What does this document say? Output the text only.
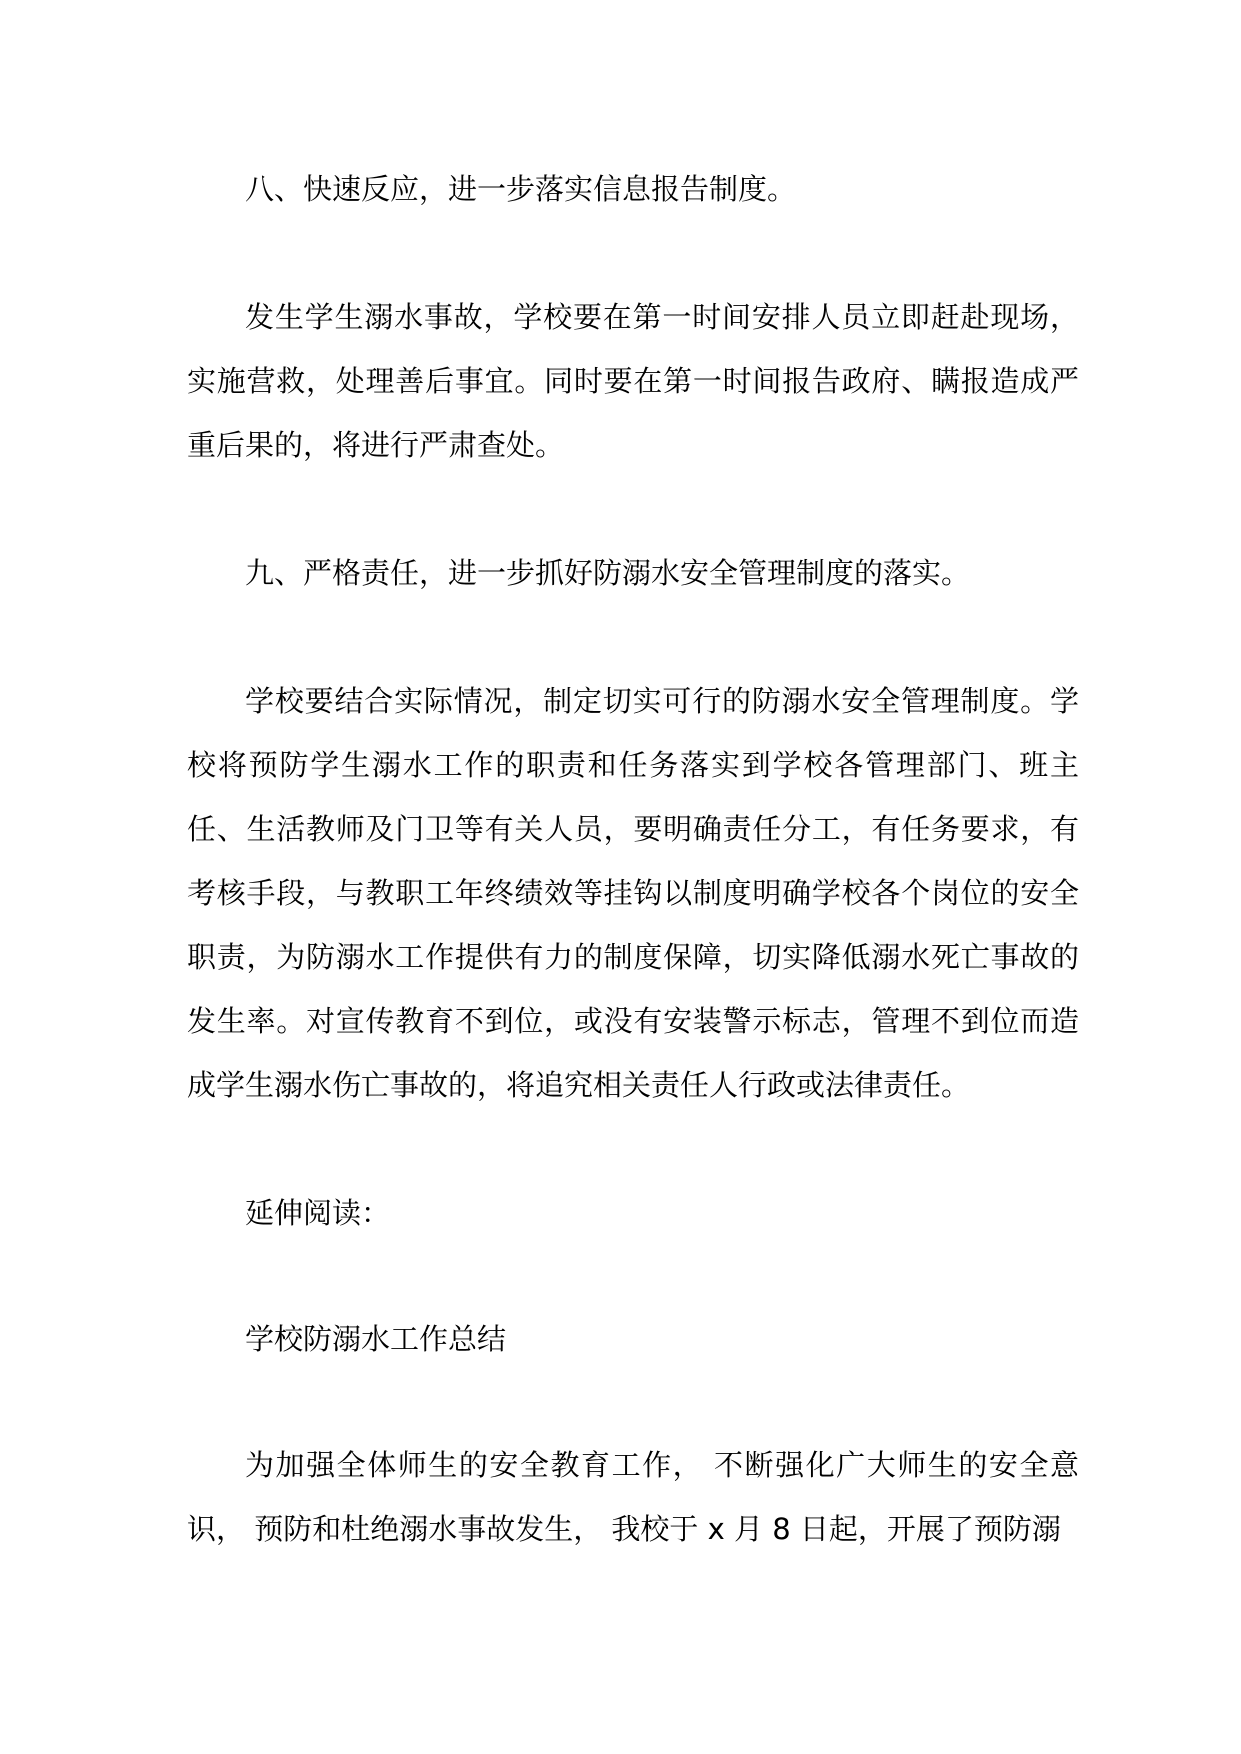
八、快速反应，进一步落实信息报告制度。

发生学生溺水事故，学校要在第一时间安排人员立即赶赴现场，实施营救，处理善后事宜。同时要在第一时间报告政府、瞒报造成严重后果的，将进行严肃查处。

九、严格责任，进一步抓好防溺水安全管理制度的落实。

学校要结合实际情况，制定切实可行的防溺水安全管理制度。学校将预防学生溺水工作的职责和任务落实到学校各管理部门、班主任、生活教师及门卫等有关人员，要明确责任分工，有任务要求，有考核手段，与教职工年终绩效等挂钩以制度明确学校各个岗位的安全职责，为防溺水工作提供有力的制度保障，切实降低溺水死亡事故的发生率。对宣传教育不到位，或没有安装警示标志，管理不到位而造成学生溺水伤亡事故的，将追究相关责任人行政或法律责任。

延伸阅读：

学校防溺水工作总结

为加强全体师生的安全教育工作， 不断强化广大师生的安全意识， 预防和杜绝溺水事故发生， 我校于 x 月 8 日起，开展了预防溺
